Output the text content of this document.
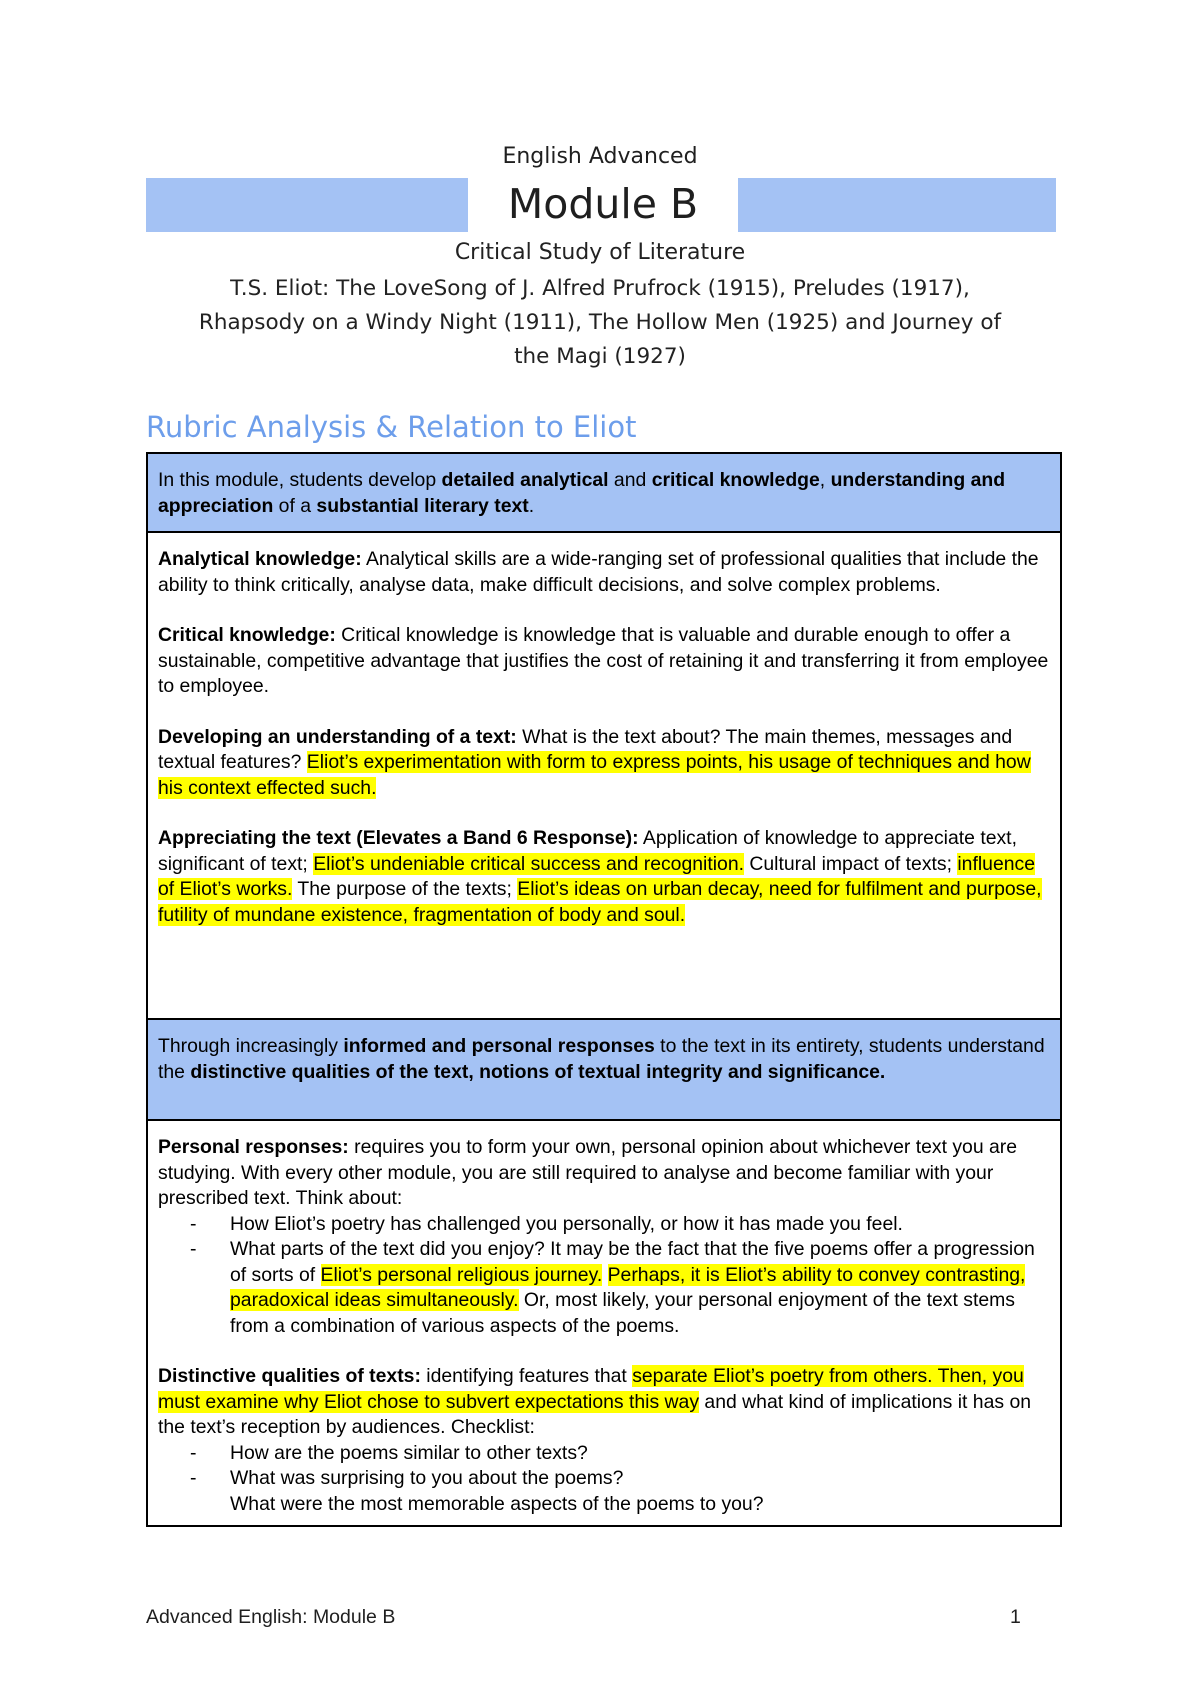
English Advanced
Module B
Critical Study of Literature
T.S. Eliot: The LoveSong of J. Alfred Prufrock (1915), Preludes (1917),
Rhapsody on a Windy Night (1911), The Hollow Men (1925) and Journey of
the Magi (1927)
Rubric Analysis & Relation to Eliot
In this module, students develop detailed analytical and critical knowledge, understanding and appreciation of a substantial literary text.

Analytical knowledge: Analytical skills are a wide-ranging set of professional qualities that include the ability to think critically, analyse data, make difficult decisions, and solve complex problems.

Critical knowledge: Critical knowledge is knowledge that is valuable and durable enough to offer a sustainable, competitive advantage that justifies the cost of retaining it and transferring it from employee to employee.

Developing an understanding of a text: What is the text about? The main themes, messages and textual features? Eliot’s experimentation with form to express points, his usage of techniques and how his context effected such.

Appreciating the text (Elevates a Band 6 Response): Application of knowledge to appreciate text, significant of text; Eliot’s undeniable critical success and recognition. Cultural impact of texts; influence of Eliot’s works. The purpose of the texts; Eliot’s ideas on urban decay, need for fulfilment and purpose, futility of mundane existence, fragmentation of body and soul.

Through increasingly informed and personal responses to the text in its entirety, students understand the distinctive qualities of the text, notions of textual integrity and significance.

Personal responses: requires you to form your own, personal opinion about whichever text you are studying. With every other module, you are still required to analyse and become familiar with your prescribed text. Think about:

-	How Eliot’s poetry has challenged you personally, or how it has made you feel.
-	What parts of the text did you enjoy? It may be the fact that the five poems offer a progression of sorts of Eliot’s personal religious journey. Perhaps, it is Eliot’s ability to convey contrasting, paradoxical ideas simultaneously. Or, most likely, your personal enjoyment of the text stems from a combination of various aspects of the poems.

Distinctive qualities of texts: identifying features that separate Eliot’s poetry from others. Then, you must examine why Eliot chose to subvert expectations this way and what kind of implications it has on the text’s reception by audiences. Checklist:

-	How are the poems similar to other texts?
-	What was surprising to you about the poems?
What were the most memorable aspects of the poems to you?
Advanced English: Module B	1
